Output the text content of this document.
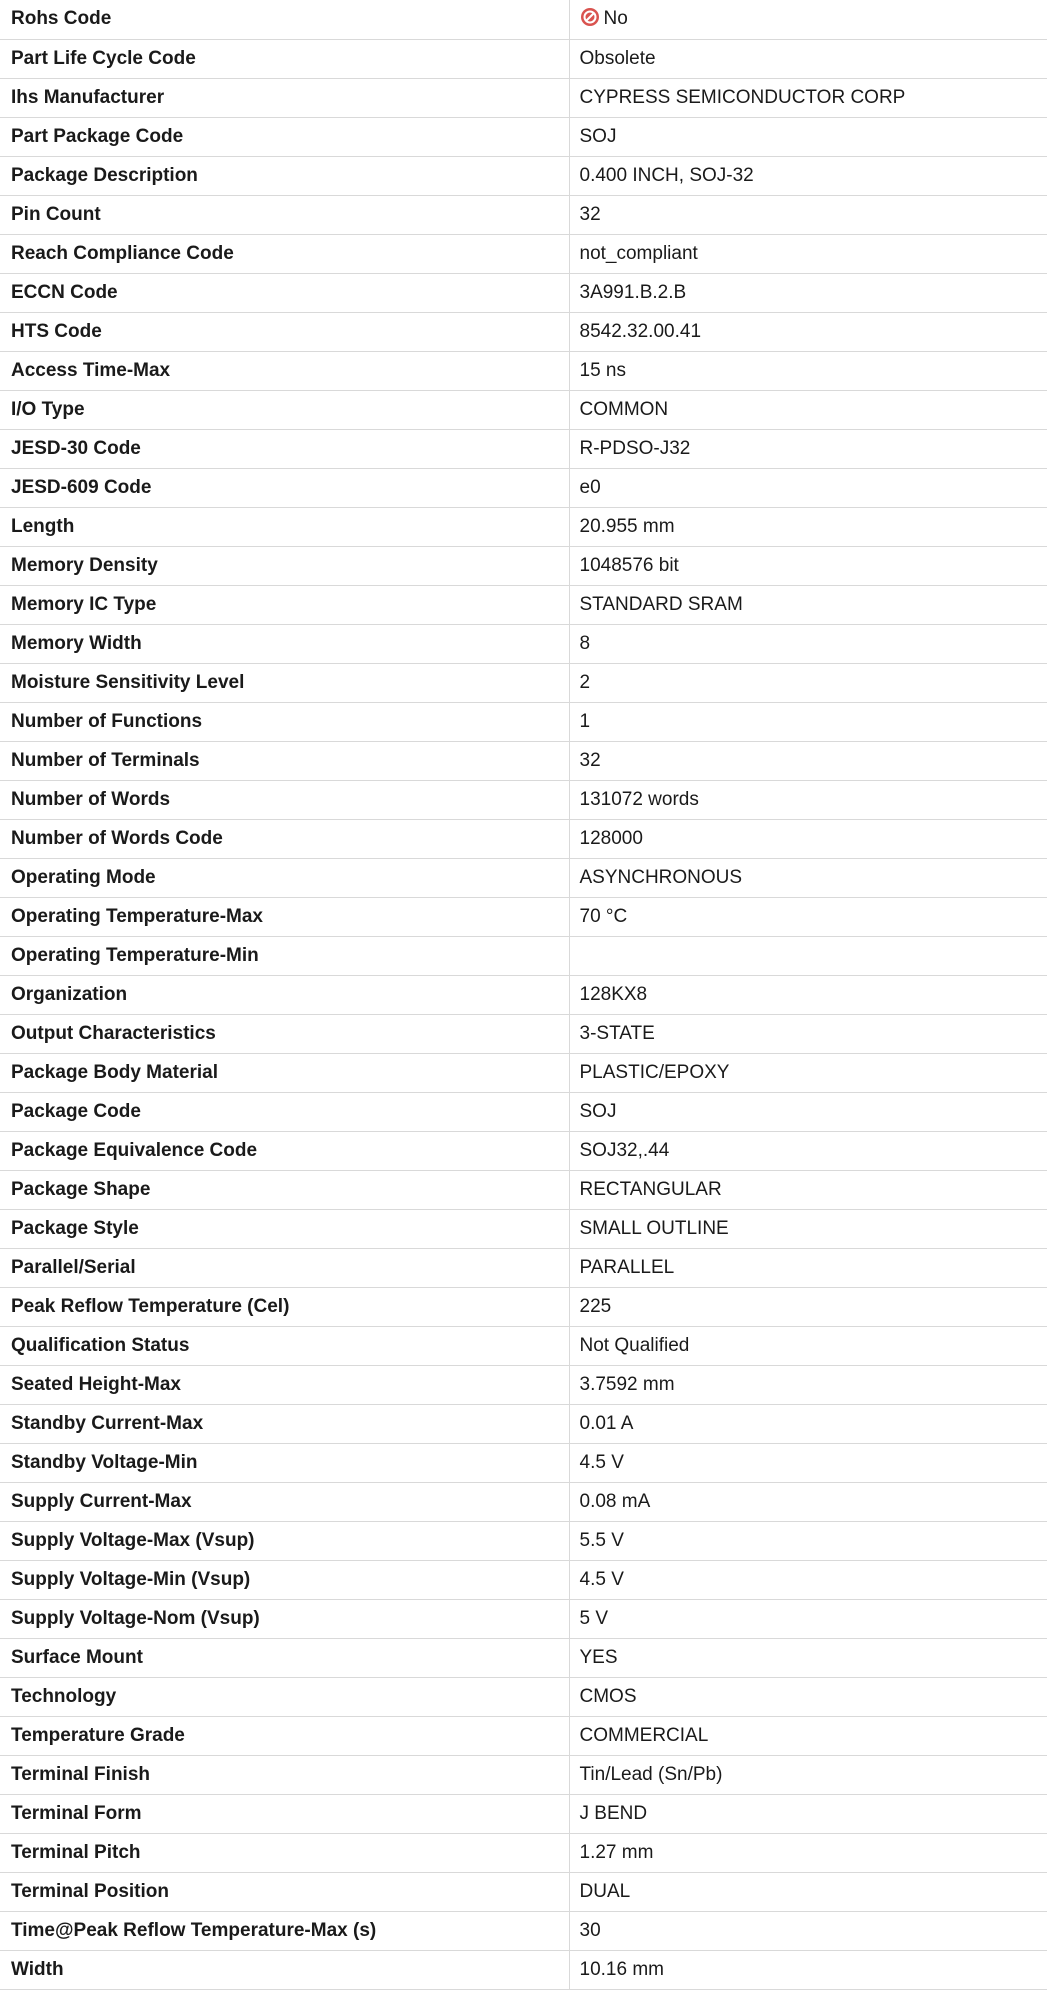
Rohs Code	No
Part Life Cycle Code	Obsolete
Ihs Manufacturer	CYPRESS SEMICONDUCTOR CORP
Part Package Code	SOJ
Package Description	0.400 INCH, SOJ-32
Pin Count	32
Reach Compliance Code	not_compliant
ECCN Code	3A991.B.2.B
HTS Code	8542.32.00.41
Access Time-Max	15 ns
I/O Type	COMMON
JESD-30 Code	R-PDSO-J32
JESD-609 Code	e0
Length	20.955 mm
Memory Density	1048576 bit
Memory IC Type	STANDARD SRAM
Memory Width	8
Moisture Sensitivity Level	2
Number of Functions	1
Number of Terminals	32
Number of Words	131072 words
Number of Words Code	128000
Operating Mode	ASYNCHRONOUS
Operating Temperature-Max	70 °C
Operating Temperature-Min	
Organization	128KX8
Output Characteristics	3-STATE
Package Body Material	PLASTIC/EPOXY
Package Code	SOJ
Package Equivalence Code	SOJ32,.44
Package Shape	RECTANGULAR
Package Style	SMALL OUTLINE
Parallel/Serial	PARALLEL
Peak Reflow Temperature (Cel)	225
Qualification Status	Not Qualified
Seated Height-Max	3.7592 mm
Standby Current-Max	0.01 A
Standby Voltage-Min	4.5 V
Supply Current-Max	0.08 mA
Supply Voltage-Max (Vsup)	5.5 V
Supply Voltage-Min (Vsup)	4.5 V
Supply Voltage-Nom (Vsup)	5 V
Surface Mount	YES
Technology	CMOS
Temperature Grade	COMMERCIAL
Terminal Finish	Tin/Lead (Sn/Pb)
Terminal Form	J BEND
Terminal Pitch	1.27 mm
Terminal Position	DUAL
Time@Peak Reflow Temperature-Max (s)	30
Width	10.16 mm
